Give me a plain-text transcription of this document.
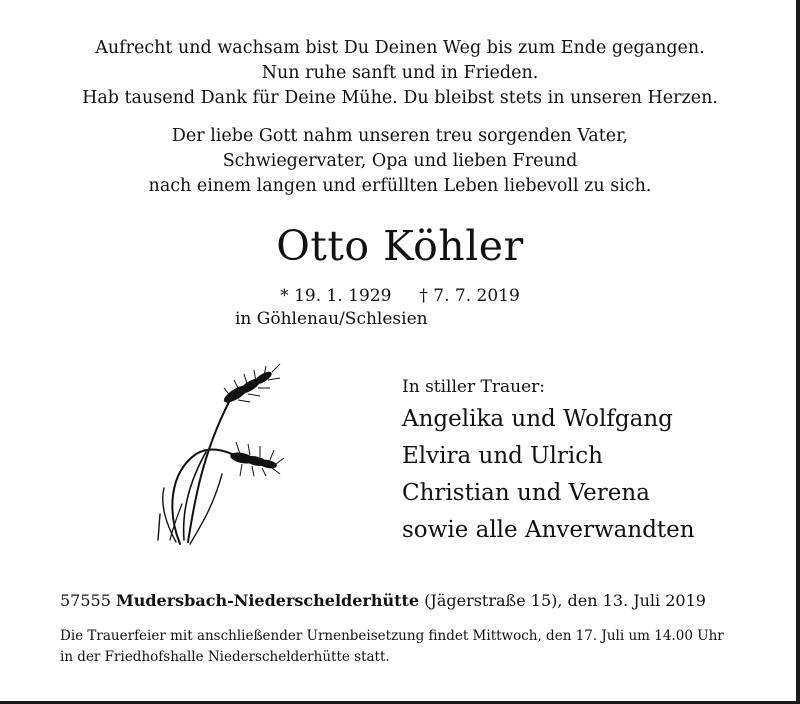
Aufrecht und wachsam bist Du Deinen Weg bis zum Ende gegangen.
Nun ruhe sanft und in Frieden.
Hab tausend Dank für Deine Mühe. Du bleibst stets in unseren Herzen.
Der liebe Gott nahm unseren treu sorgenden Vater,
Schwiegervater, Opa und lieben Freund
nach einem langen und erfüllten Leben liebevoll zu sich.
Otto Köhler
* 19. 1. 1929 † 7. 7. 2019
in Göhlenau/Schlesien
In stiller Trauer:
Angelika und Wolfgang
Elvira und Ulrich
Christian und Verena
sowie alle Anverwandten
57555 Mudersbach-Niederschelderhütte (Jägerstraße 15), den 13. Juli 2019
Die Trauerfeier mit anschließender Urnenbeisetzung findet Mittwoch, den 17. Juli um 14.00 Uhr
in der Friedhofshalle Niederschelderhütte statt.
